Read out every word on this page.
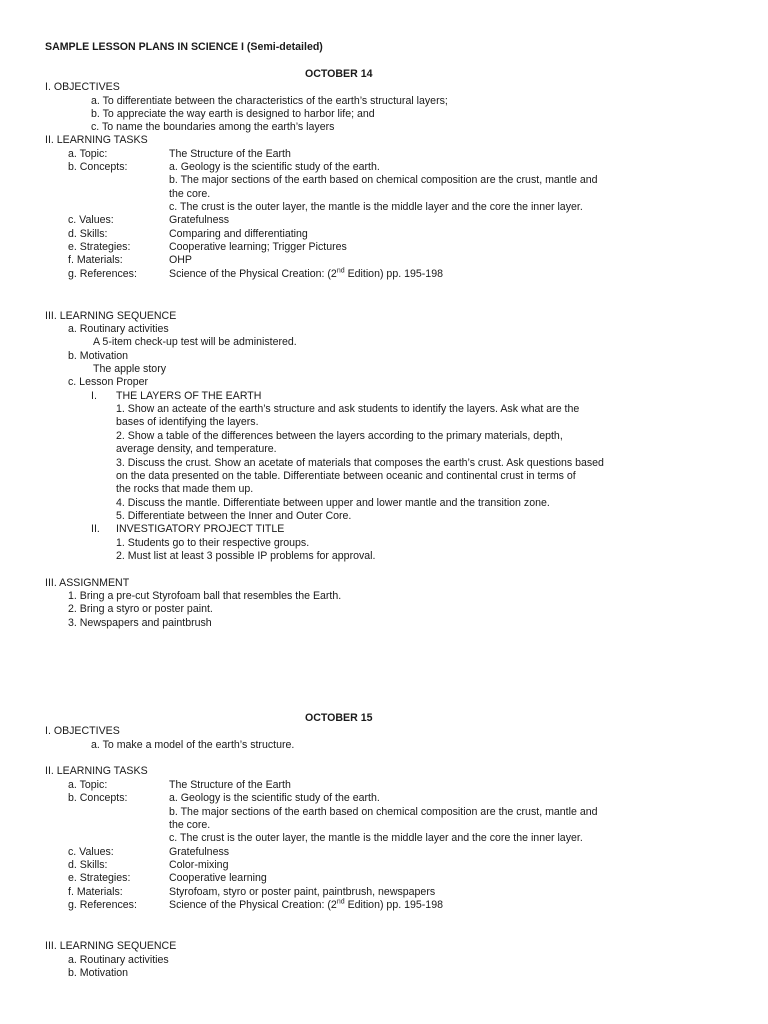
SAMPLE LESSON PLANS IN SCIENCE I (Semi-detailed)
OCTOBER 14
I. OBJECTIVES
a. To differentiate between the characteristics of the earth’s structural layers;
b. To appreciate the way earth is designed to harbor life; and
c. To name the boundaries among the earth’s layers
II. LEARNING TASKS
a. Topic:	The Structure of the Earth
b. Concepts:	a. Geology is the scientific study of the earth.
b. The major sections of the earth based on chemical composition are the crust, mantle and
the core.
c. The crust is the outer layer, the mantle is the middle layer and the core the inner layer.
c. Values:	Gratefulness
d. Skills:	Comparing and differentiating
e. Strategies:	Cooperative learning; Trigger Pictures
f. Materials:	OHP
g. References:	Science of the Physical Creation: (2nd Edition) pp. 195-198
III. LEARNING SEQUENCE
a. Routinary activities
A 5-item check-up test will be administered.
b. Motivation
The apple story
c. Lesson Proper
I. THE LAYERS OF THE EARTH
1. Show an acteate of the earth’s structure and ask students to identify the layers. Ask what are the
bases of identifying the layers.
2. Show a table of the differences between the layers according to the primary materials, depth,
average density, and temperature.
3. Discuss the crust. Show an acetate of materials that composes the earth’s crust. Ask questions based
on the data presented on the table. Differentiate between oceanic and continental crust in terms of
the rocks that made them up.
4. Discuss the mantle. Differentiate between upper and lower mantle and the transition zone.
5. Differentiate between the Inner and Outer Core.
II. INVESTIGATORY PROJECT TITLE
1. Students go to their respective groups.
2. Must list at least 3 possible IP problems for approval.
III. ASSIGNMENT
1. Bring a pre-cut Styrofoam ball that resembles the Earth.
2. Bring a styro or poster paint.
3. Newspapers and paintbrush
OCTOBER 15
I. OBJECTIVES
a. To make a model of the earth’s structure.
II. LEARNING TASKS
a. Topic:	The Structure of the Earth
b. Concepts:	a. Geology is the scientific study of the earth.
b. The major sections of the earth based on chemical composition are the crust, mantle and
the core.
c. The crust is the outer layer, the mantle is the middle layer and the core the inner layer.
c. Values:	Gratefulness
d. Skills:	Color-mixing
e. Strategies:	Cooperative learning
f. Materials:	Styrofoam, styro or poster paint, paintbrush, newspapers
g. References:	Science of the Physical Creation: (2nd Edition) pp. 195-198
III. LEARNING SEQUENCE
a. Routinary activities
b. Motivation
